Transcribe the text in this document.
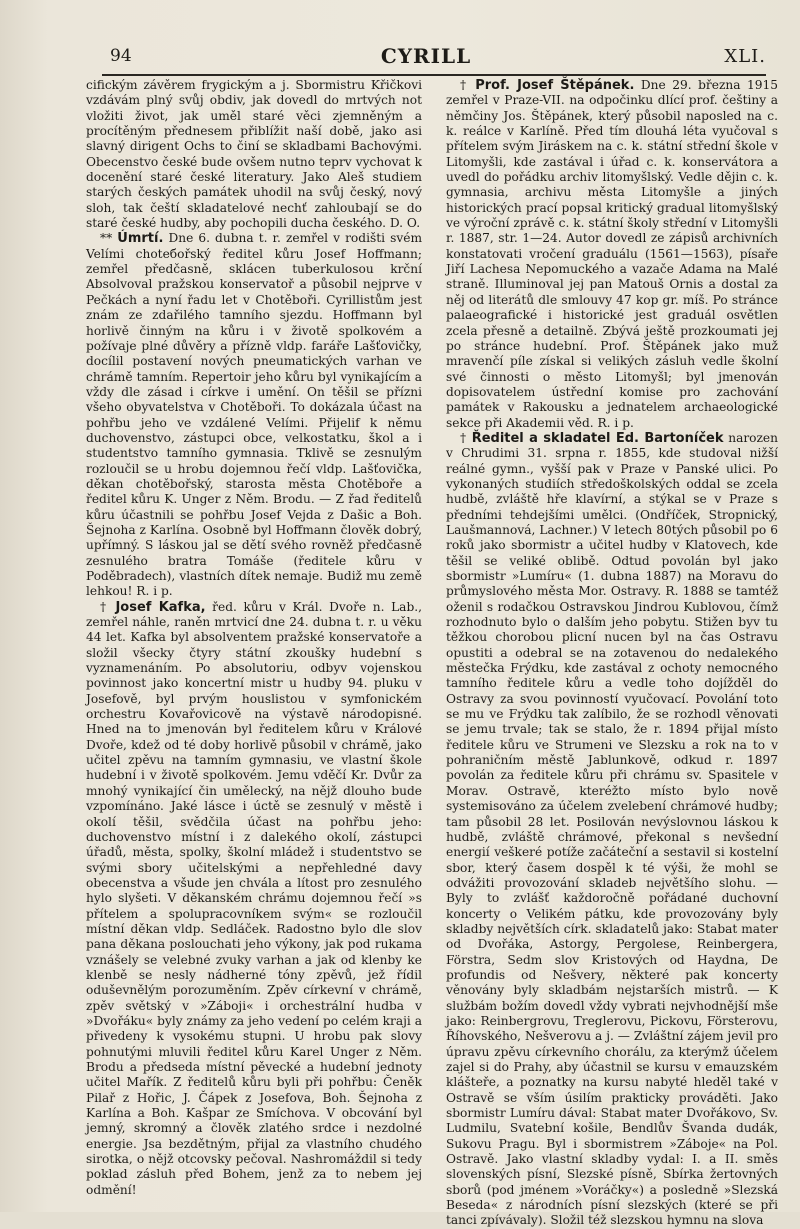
94	CYRILL	XLI.

cifickým závěrem frygickým a j. Sbormistru Křičkovi vzdávám plný svůj obdiv, jak dovedl do mrtvých not vložiti život, jak uměl staré věci zjemněným a procítěným přednesem přiblížit naší době, jako asi slavný dirigent Ochs to činí se skladbami Bachovými. Obecenstvo české bude ovšem nutno teprv vychovat k docenění staré české literatury. Jako Aleš studiem starých českých památek uhodil na svůj český, nový sloh, tak čeští skladatelové nechť zahloubají se do staré české hudby, aby pochopili ducha českého. D. O.

** Úmrtí. Dne 6. dubna t. r. zemřel v rodišti svém Velími choteбořský ředitel kůru Josef Hoffmann; zemřel předčasně, sklácen tuberkulosou krční Absolvoval pražskou konservatoř a působil nejprve v Pečkách a nyní řadu let v Chotěboři. Cyrillistům jest znám ze zdařilého tamního sjezdu. Hoffmann byl horlivě činným na kůru i v životě spolkovém a požívaje plné důvěry a přízně vldp. faráře Lašťovičky, docílil postavení nových pneumatických varhan ve chrámě tamním. Repertoir jeho kůru byl vynikajícím a vždy dle zásad i církve i umění. On těšil se přízni všeho obyvatelstva v Chotěboři. To dokázala účast na pohřbu jeho ve vzdálené Velími. Přijelif k němu duchovenstvo, zástupci obce, velkostatku, škol a i studentstvo tamního gymnasia. Tklivě se zesnulým rozloučil se u hrobu dojemnou řečí vldp. Lašťovička, děkan chotěbořský, starosta města Chotěboře a ředitel kůru K. Unger z Něm. Brodu. — Z řad ředitelů kůru účastnili se pohřbu Josef Vejda z Dašic a Boh. Šejnoha z Karlína. Osobně byl Hoffmann člověk dobrý, upřímný. S láskou jal se dětí svého rovněž předčasně zesnulého bratra Tomáše (ředitele kůru v Poděbradech), vlastních dítek nemaje. Budiž mu země lehkou! R. i p.

† Josef Kafka, řed. kůru v Král. Dvoře n. Lab., zemřel náhle, raněn mrtvicí dne 24. dubna t. r. u věku 44 let. Kafka byl absolventem pražské konservatoře a složil všecky čtyry státní zkoušky hudební s vyznamenáním. Po absolutoriu, odbyv vojenskou povinnost jako koncertní mistr u hudby 94. pluku v Josefově, byl prvým houslistou v symfonickém orchestru Kovařovicově na výstavě národopisné. Hned na to jmenován byl ředitelem kůru v Králové Dvoře, kdež od té doby horlivě působil v chrámě, jako učitel zpěvu na tamním gymnasiu, ve vlastní škole hudební i v životě spolkovém. Jemu vděčí Kr. Dvůr za mnohý vynikající čin umělecký, na nějž dlouho bude vzpomínáno. Jaké lásce i úctě se zesnulý v městě i okolí těšil, svědčila účast na pohřbu jeho: duchovenstvo místní i z dalekého okolí, zástupci úřadů, města, spolky, školní mládež i studentstvo se svými sbory učitelskými a nepřehledné davy obecenstva a všude jen chvála a lítost pro zesnulého hylo slyšeti. V děkanském chrámu dojemnou řečí »s přítelem a spolupracovníkem svým« se rozloučil místní děkan vldp. Sedláček. Radostno bylo dle slov pana děkana poslouchati jeho výkony, jak pod rukama vznášely se velebné zvuky varhan a jak od klenby ke klenbě se nesly nádherné tóny zpěvů, jež řídil oduševnělým porozuměním. Zpěv církevní v chrámě, zpěv světský v »Záboji« i orchestrální hudba v »Dvořáku« byly známy za jeho vedení po celém kraji a přivedeny k vysokému stupni. U hrobu pak slovy pohnutými mluvili ředitel kůru Karel Unger z Něm. Brodu a předseda místní pěvecké a hudební jednoty učitel Mařík. Z ředitelů kůru byli při pohřbu: Čeněk Pilař z Hořic, J. Čápek z Josefova, Boh. Šejnoha z Karlína a Boh. Kašpar ze Smíchova. V obcování byl jemný, skromný a člověk zlatého srdce i nezdolné energie. Jsa bezdětným, přijal za vlastního chudého sirotka, o nějž otcovsky pečoval. Nashromáždil si tedy poklad zásluh před Bohem, jenž za to nebem jej odmění!

† Prof. Josef Štěpánek. Dne 29. března 1915 zemřel v Praze-VII. na odpočinku dlící prof. češtiny a němčiny Jos. Štěpánek, který působil naposled na c. k. reálce v Karlíně. Před tím dlouhá léta vyučoval s přítelem svým Jiráskem na c. k. státní střední škole v Litomyšli, kde zastával i úřad c. k. konservátora a uvedl do pořádku archiv litomyšlský. Vedle dějin c. k. gymnasia, archivu města Litomyšle a jiných historických prací popsal kritický gradual litomyšlský ve výroční zprávě c. k. státní školy střední v Litomyšli r. 1887, str. 1—24. Autor dovedl ze zápisů archivních konstatovati vročení graduálu (1561—1563), písaře Jiří Lachesa Nepomuckého a vazače Adama na Malé straně. Illuminoval jej pan Matouš Ornis a dostal za něj od literátů dle smlouvy 47 kop gr. míš. Po stránce palaeografické i historické jest graduál osvětlen zcela přesně a detailně. Zbývá ještě prozkoumati jej po stránce hudební. Prof. Štěpánek jako muž mravenčí píle získal si velikých zásluh vedle školní své činnosti o město Litomyšl; byl jmenován dopisovatelem ústřední komise pro zachování památek v Rakousku a jednatelem archaeologické sekce při Akademii věd. R. i p.

† Ředitel a skladatel Ed. Bartoníček narozen v Chrudimi 31. srpna r. 1855, kde studoval nižší reálné gymn., vyšší pak v Praze v Panské ulici. Po vykonaných studiích středoškolských oddal se zcela hudbě, zvláště hře klavírní, a stýkal se v Praze s předními tehdejšími umělci. (Ondříček, Stropnický, Laušmannová, Lachner.) V letech 80tých působil po 6 roků jako sbormistr a učitel hudby v Klatovech, kde těšil se veliké oblibě. Odtud povolán byl jako sbormistr »Lumíru« (1. dubna 1887) na Moravu do průmyslového města Mor. Ostravy. R. 1888 se tamtéž oženil s rodačkou Ostravskou Jindrou Kublovou, čímž rozhodnuto bylo o dalším jeho pobytu. Stižen byv tu těžkou chorobou plicní nucen byl na čas Ostravu opustiti a odebral se na zotavenou do nedalekého městečka Frýdku, kde zastával z ochoty nemocného tamního ředitele kůru a vedle toho dojížděl do Ostravy za svou povinností vyučovací. Povolání toto se mu ve Frýdku tak zalíbilo, že se rozhodl věnovati se jemu trvale; tak se stalo, že r. 1894 přijal místo ředitele kůru ve Strumeni ve Slezsku a rok na to v pohraničním městě Jablunkově, odkud r. 1897 povolán za ředitele kůru při chrámu sv. Spasitele v Morav. Ostravě, kteréžto místo bylo nově systemisováno za účelem zvelebení chrámové hudby; tam působil 28 let. Posilován nevýslovnou láskou k hudbě, zvláště chrámové, překonal s nevšední energií veškeré potíže začáteční a sestavil si kostelní sbor, který časem dospěl k té výši, že mohl se odvážiti provozování skladeb největšího slohu. — Byly to zvlášť každoročně pořádané duchovní koncerty o Velikém pátku, kde provozovány byly skladby největších círk. skladatelů jako: Stabat mater od Dvořáka, Astorgy, Pergolese, Reinbergera, Förstra, Sedm slov Kristových od Haydna, De profundis od Nešvery, některé pak koncerty věnovány byly skladbám nejstarších mistrů. — K službám božím dovedl vždy vybrati nejvhodnější mše jako: Reinbergrovu, Treglerovu, Pickovu, Försterovu, Říhovského, Nešverovu a j. — Zvláštní zájem jevil pro úpravu zpěvu církevního chorálu, za kterýmž účelem zajel si do Prahy, aby účastnil se kursu v emauzském klášteře, a poznatky na kursu nabyté hleděl také v Ostravě se vším úsilím prakticky prováděti. Jako sbormistr Lumíru dával: Stabat mater Dvořákovo, Sv. Ludmilu, Svatební košile, Bendlův Švanda dudák, Sukovu Pragu. Byl i sbormistrem »Záboje« na Pol. Ostravě. Jako vlastní skladby vydal: I. a II. směs slovenských písní, Slezské písně, Sbírka žertovných sborů (pod jménem »Voráčky«) a posledně »Slezská Beseda« z národních písní slezských (které se při tanci zpívávaly). Složil též slezskou hymnu na slova
